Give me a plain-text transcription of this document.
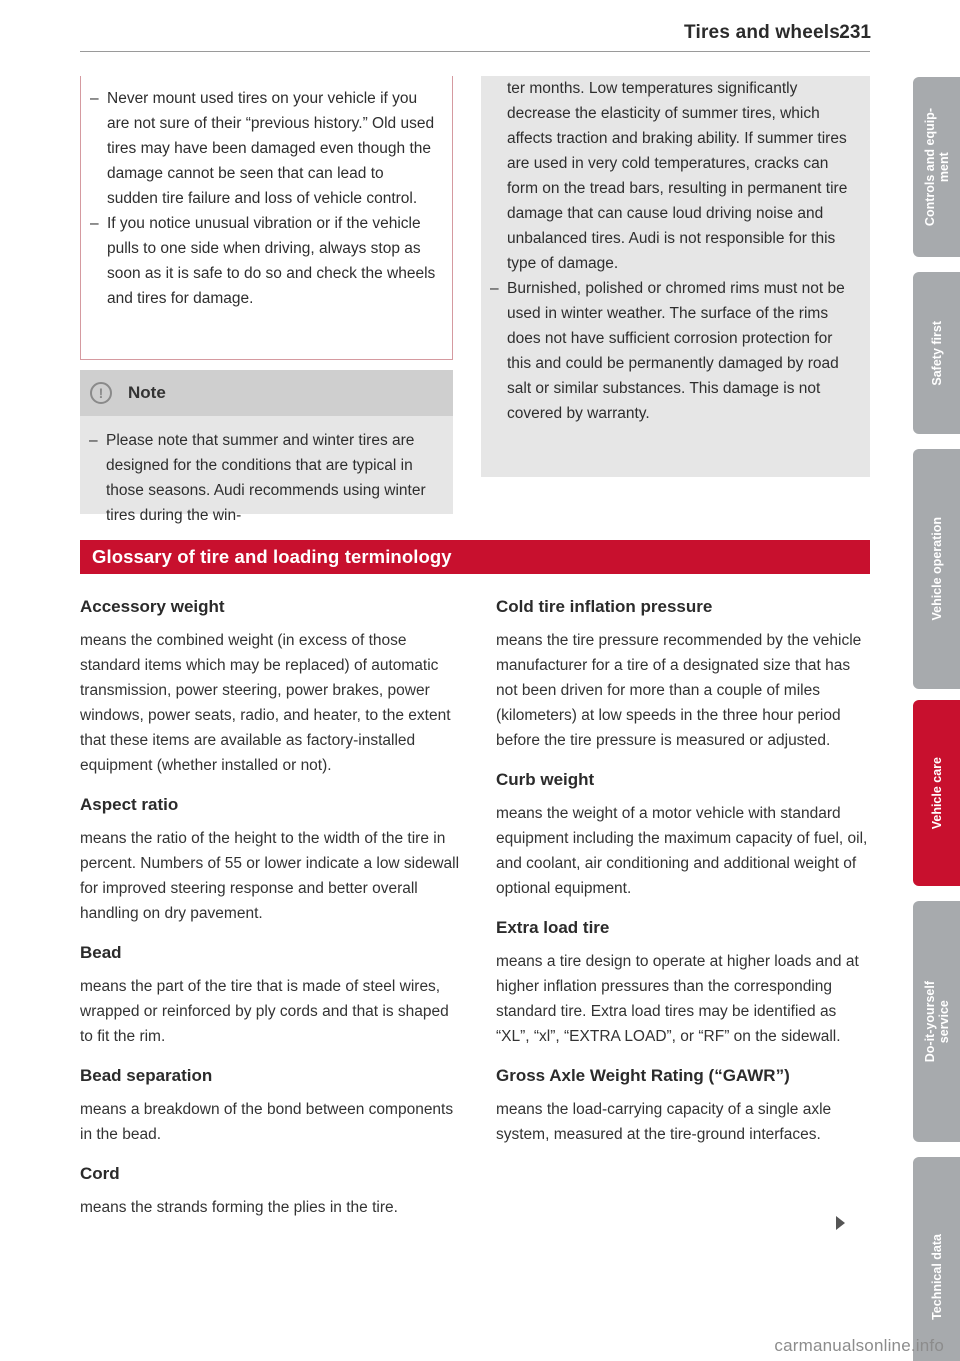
Tires and wheels 231
– Never mount used tires on your vehicle if you are not sure of their “previous history.” Old used tires may have been damaged even though the damage cannot be seen that can lead to sudden tire failure and loss of vehicle control.
– If you notice unusual vibration or if the vehicle pulls to one side when driving, always stop as soon as it is safe to do so and check the wheels and tires for damage.
!	Note
– Please note that summer and winter tires are designed for the conditions that are typical in those seasons. Audi recommends using winter tires during the win-

ter months. Low temperatures significantly decrease the elasticity of summer tires, which affects traction and braking ability. If summer tires are used in very cold temperatures, cracks can form on the tread bars, resulting in permanent tire damage that can cause loud driving noise and unbalanced tires. Audi is not responsible for this type of damage.

– Burnished, polished or chromed rims must not be used in winter weather. The surface of the rims does not have sufficient corrosion protection for this and could be permanently damaged by road salt or similar substances. This damage is not covered by warranty.
Glossary of tire and loading terminology
Accessory weight

means the combined weight (in excess of those standard items which may be replaced) of automatic transmission, power steering, power brakes, power windows, power seats, radio, and heater, to the extent that these items are available as factory-installed equipment (whether installed or not).

Aspect ratio

means the ratio of the height to the width of the tire in percent. Numbers of 55 or lower indicate a low sidewall for improved steering response and better overall handling on dry pavement.

Bead

means the part of the tire that is made of steel wires, wrapped or reinforced by ply cords and that is shaped to fit the rim.

Bead separation

means a breakdown of the bond between components in the bead.

Cord

means the strands forming the plies in the tire.

Cold tire inflation pressure

means the tire pressure recommended by the vehicle manufacturer for a tire of a designated size that has not been driven for more than a couple of miles (kilometers) at low speeds in the three hour period before the tire pressure is measured or adjusted.

Curb weight

means the weight of a motor vehicle with standard equipment including the maximum capacity of fuel, oil, and coolant, air conditioning and additional weight of optional equipment.

Extra load tire

means a tire design to operate at higher loads and at higher inflation pressures than the corresponding standard tire. Extra load tires may be identified as “XL”, “xl”, “EXTRA LOAD”, or “RF” on the sidewall.

Gross Axle Weight Rating (“GAWR”)

means the load-carrying capacity of a single axle system, measured at the tire-ground interfaces.

Controls and equip-
ment
Safety first
Vehicle operation
Vehicle care
Do-it-yourself
service
Technical data
carmanualsonline.info
